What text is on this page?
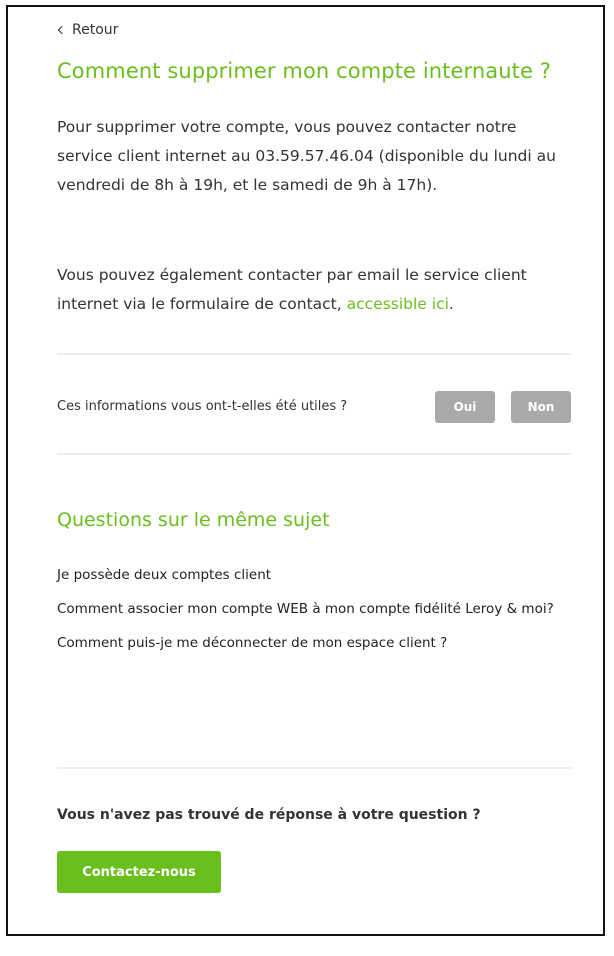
Retour
Comment supprimer mon compte internaute ?

Pour supprimer votre compte, vous pouvez contacter notre service client internet au 03.59.57.46.04 (disponible du lundi au vendredi de 8h à 19h, et le samedi de 9h à 17h).

Vous pouvez également contacter par email le service client internet via le formulaire de contact, accessible ici.

Ces informations vous ont-t-elles été utiles ?	Oui	Non
Questions sur le même sujet
Je possède deux comptes client
Comment associer mon compte WEB à mon compte fidélité Leroy & moi?
Comment puis-je me déconnecter de mon espace client ?

Vous n'avez pas trouvé de réponse à votre question ?

Contactez-nous
